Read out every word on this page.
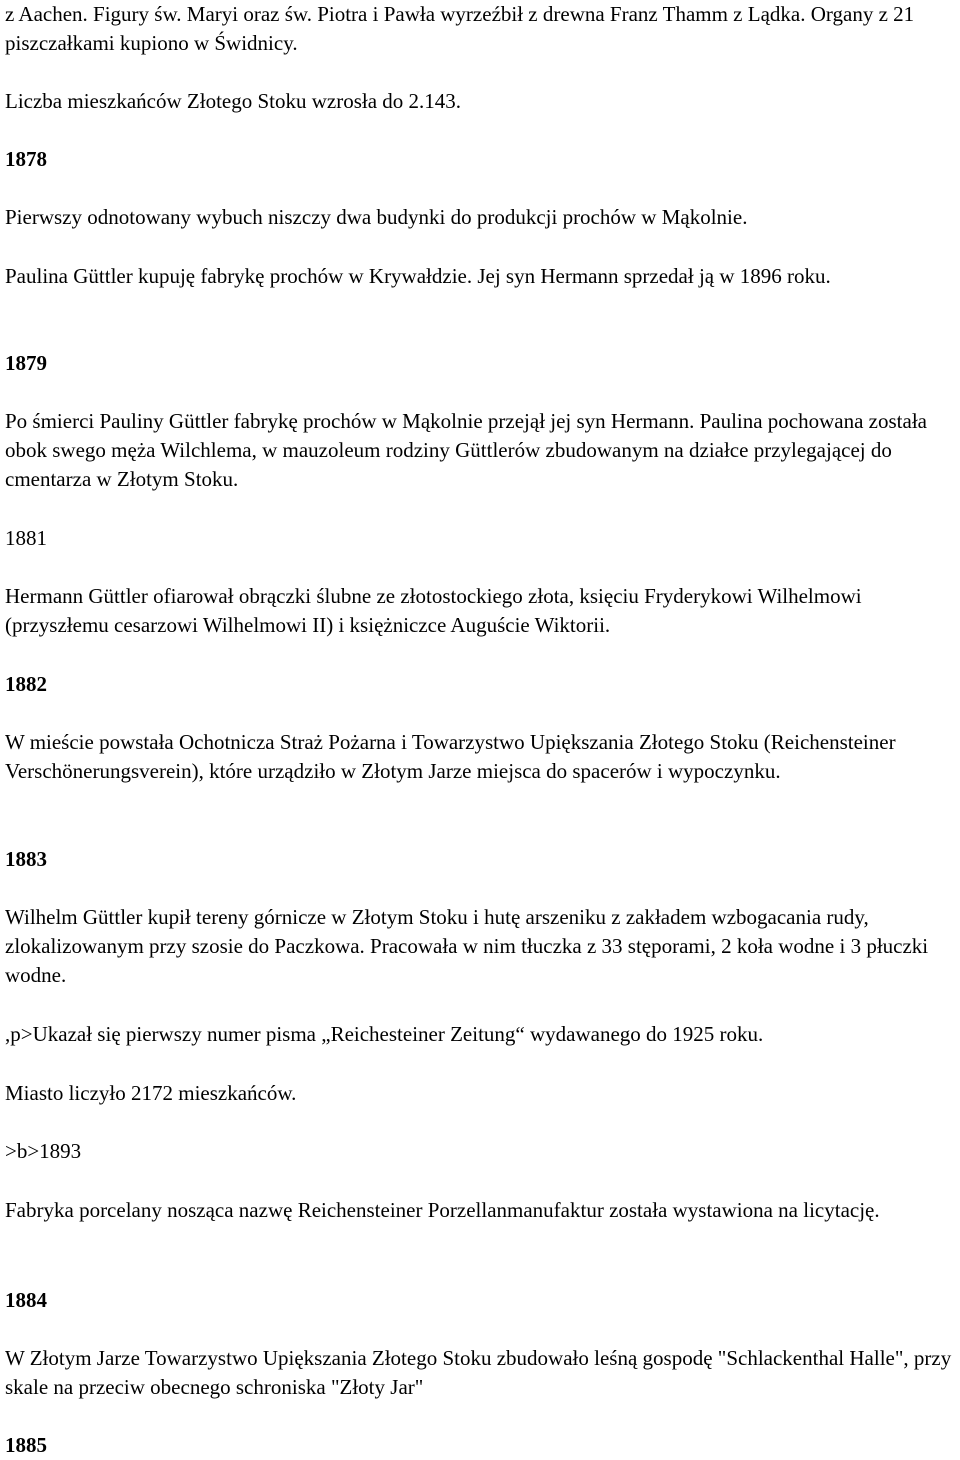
z Aachen. Figury św. Maryi oraz św. Piotra i Pawła wyrzeźbił z drewna Franz Thamm z Lądka. Organy z 21 piszczałkami kupiono w Świdnicy.
Liczba mieszkańców Złotego Stoku wzrosła do 2.143.
1878
Pierwszy odnotowany wybuch niszczy dwa budynki do produkcji prochów w Mąkolnie.
Paulina Güttler kupuję fabrykę prochów w Krywałdzie. Jej syn Hermann sprzedał ją w 1896 roku.
1879
Po śmierci Pauliny Güttler fabrykę prochów w Mąkolnie przejął jej syn Hermann. Paulina pochowana została obok swego męża Wilchlema, w mauzoleum rodziny Güttlerów zbudowanym na działce przylegającej do cmentarza w Złotym Stoku.
1881
Hermann Güttler ofiarował obrączki ślubne ze złotostockiego złota, księciu Fryderykowi Wilhelmowi (przyszłemu cesarzowi Wilhelmowi II) i księżniczce Auguście Wiktorii.
1882
W mieście powstała Ochotnicza Straż Pożarna i Towarzystwo Upiększania Złotego Stoku (Reichensteiner Verschönerungsverein), które urządziło w Złotym Jarze miejsca do spacerów i wypoczynku.
1883
Wilhelm Güttler kupił tereny górnicze w Złotym Stoku i hutę arszeniku z zakładem wzbogacania rudy, zlokalizowanym przy szosie do Paczkowa. Pracowała w nim tłuczka z 33 stęporami, 2 koła wodne i 3 płuczki wodne.
,p>Ukazał się pierwszy numer pisma „Reichesteiner Zeitung“ wydawanego do 1925 roku.
Miasto liczyło 2172 mieszkańców.
>b>1893
Fabryka porcelany nosząca nazwę Reichensteiner Porzellanmanufaktur została wystawiona na licytację.
1884
W Złotym Jarze Towarzystwo Upiększania Złotego Stoku zbudowało leśną gospodę "Schlackenthal Halle", przy skale na przeciw obecnego schroniska "Złoty Jar"
1885
